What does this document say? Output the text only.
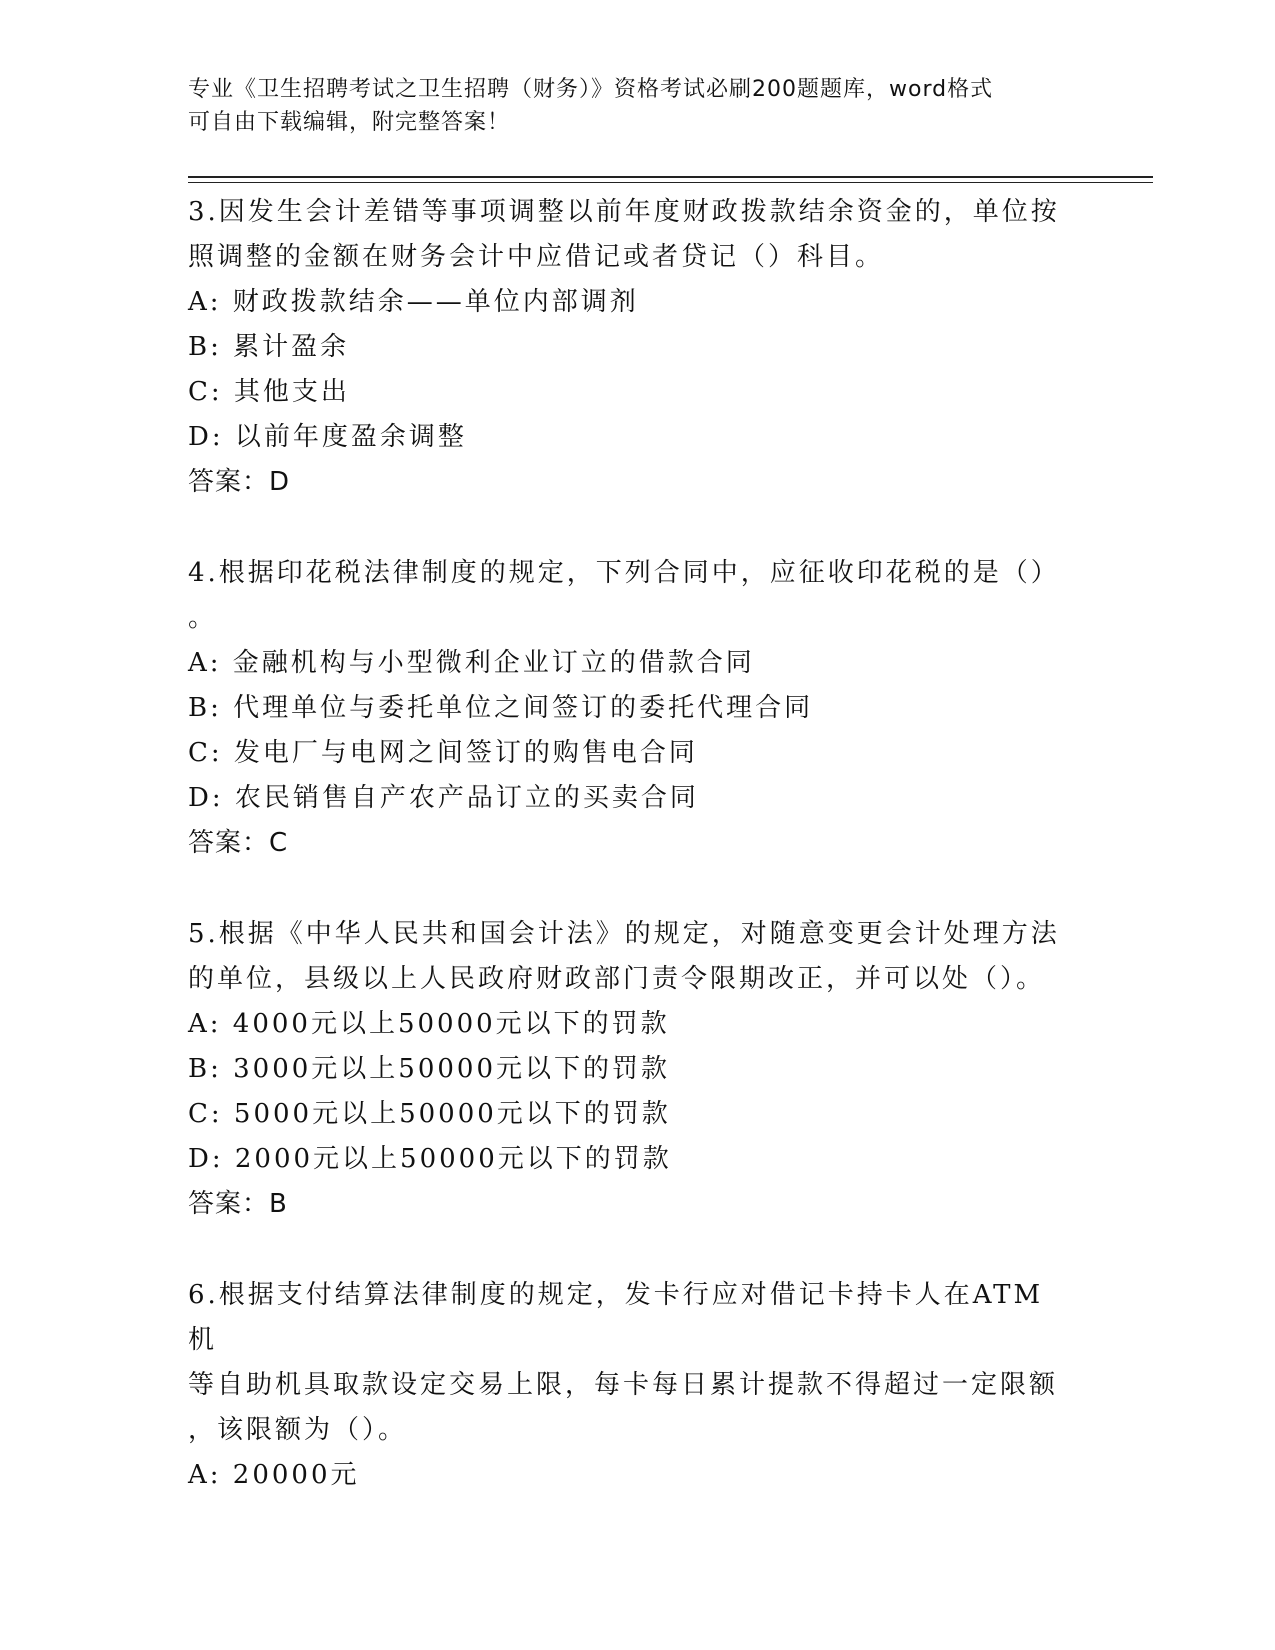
专业《卫生招聘考试之卫生招聘（财务）》资格考试必刷200题题库，word格式
可自由下载编辑，附完整答案！
3.因发生会计差错等事项调整以前年度财政拨款结余资金的，单位按
照调整的金额在财务会计中应借记或者贷记（）科目。
A: 财政拨款结余——单位内部调剂
B: 累计盈余
C: 其他支出
D: 以前年度盈余调整
答案：D
4.根据印花税法律制度的规定，下列合同中，应征收印花税的是（）
。
A: 金融机构与小型微利企业订立的借款合同
B: 代理单位与委托单位之间签订的委托代理合同
C: 发电厂与电网之间签订的购售电合同
D: 农民销售自产农产品订立的买卖合同
答案：C
5.根据《中华人民共和国会计法》的规定，对随意变更会计处理方法
的单位，县级以上人民政府财政部门责令限期改正，并可以处（）。
A: 4000元以上50000元以下的罚款
B: 3000元以上50000元以下的罚款
C: 5000元以上50000元以下的罚款
D: 2000元以上50000元以下的罚款
答案：B
6.根据支付结算法律制度的规定，发卡行应对借记卡持卡人在ATM机
等自助机具取款设定交易上限，每卡每日累计提款不得超过一定限额
，该限额为（）。
A: 20000元
